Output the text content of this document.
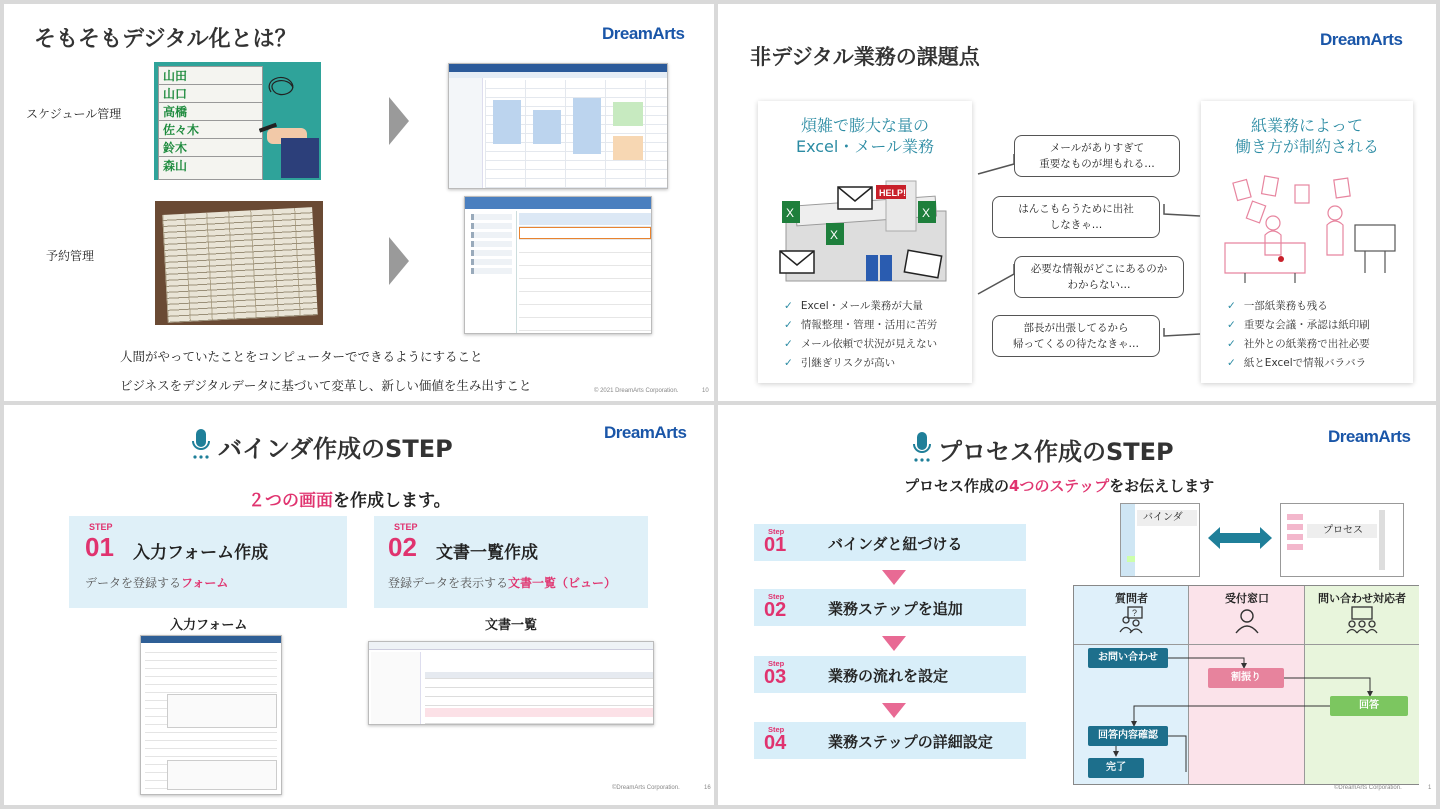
そもそもデジタル化とは？	DreamArts
スケジュール管理
予約管理
山田
山口
高橋
佐々木
鈴木
森山
人間がやっていたことをコンピューターでできるようにすること
ビジネスをデジタルデータに基づいて変革し、新しい価値を生み出すこと	© 2021 DreamArts Corporation.	10
非デジタル業務の課題点
DreamArts
煩雑で膨大な量の
Excel・メール業務
X
X
X
HELP!
✓ Excel・メール業務が大量
✓ 情報整理・管理・活用に苦労
✓ メール依頼で状況が見えない
✓ 引継ぎリスクが高い
紙業務によって
働き方が制約される
✓ 一部紙業務も残る
✓ 重要な会議・承認は紙印刷
✓ 社外との紙業務で出社必要
✓ 紙とExcelで情報バラバラ
メールがありすぎて
重要なものが埋もれる…
はんこもらうために出社
しなきゃ…
必要な情報がどこにあるのか
わからない…
部長が出張してるから
帰ってくるの待たなきゃ…
バインダ作成のSTEP
DreamArts
２つの画面を作成します。
STEP
01 入力フォーム作成
データを登録するフォーム
STEP
02 文書一覧作成
登録データを表示する文書一覧（ビュー）
入力フォーム	文書一覧
©DreamArts Corporation.	16
プロセス作成のSTEP
DreamArts
プロセス作成の4つのステップをお伝えします
Step
01	バインダと紐づける
Step
02	業務ステップを追加
Step
03	業務の流れを設定
Step
04	業務ステップの詳細設定
バインダ
プロセス
質問者	受付窓口	問い合わせ対応者
?
お問い合わせ
割振り
回答
回答内容確認
完了
©DreamArts Corporation.	1
